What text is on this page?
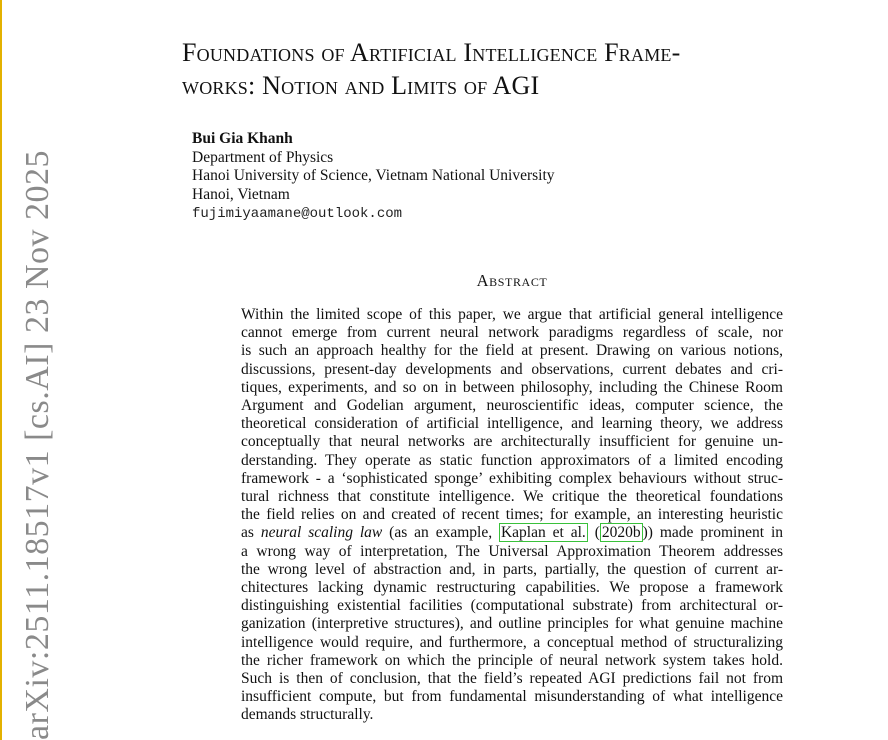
arXiv:2511.18517v1 [cs.AI] 23 Nov 2025
Foundations of Artificial Intelligence Frame-
works: Notion and Limits of AGI
Bui Gia Khanh
Department of Physics
Hanoi University of Science, Vietnam National University
Hanoi, Vietnam
fujimiyaamane@outlook.com
Abstract
Within the limited scope of this paper, we argue that artificial general intelligence
cannot emerge from current neural network paradigms regardless of scale, nor
is such an approach healthy for the field at present. Drawing on various notions,
discussions, present-day developments and observations, current debates and cri-
tiques, experiments, and so on in between philosophy, including the Chinese Room
Argument and Godelian argument, neuroscientific ideas, computer science, the
theoretical consideration of artificial intelligence, and learning theory, we address
conceptually that neural networks are architecturally insufficient for genuine un-
derstanding. They operate as static function approximators of a limited encoding
framework - a ‘sophisticated sponge’ exhibiting complex behaviours without struc-
tural richness that constitute intelligence. We critique the theoretical foundations
the field relies on and created of recent times; for example, an interesting heuristic
as neural scaling law (as an example, Kaplan et al. ( 2020b )) made prominent in
a wrong way of interpretation, The Universal Approximation Theorem addresses
the wrong level of abstraction and, in parts, partially, the question of current ar-
chitectures lacking dynamic restructuring capabilities. We propose a framework
distinguishing existential facilities (computational substrate) from architectural or-
ganization (interpretive structures), and outline principles for what genuine machine
intelligence would require, and furthermore, a conceptual method of structuralizing
the richer framework on which the principle of neural network system takes hold.
Such is then of conclusion, that the field’s repeated AGI predictions fail not from
insufficient compute, but from fundamental misunderstanding of what intelligence
demands structurally.
